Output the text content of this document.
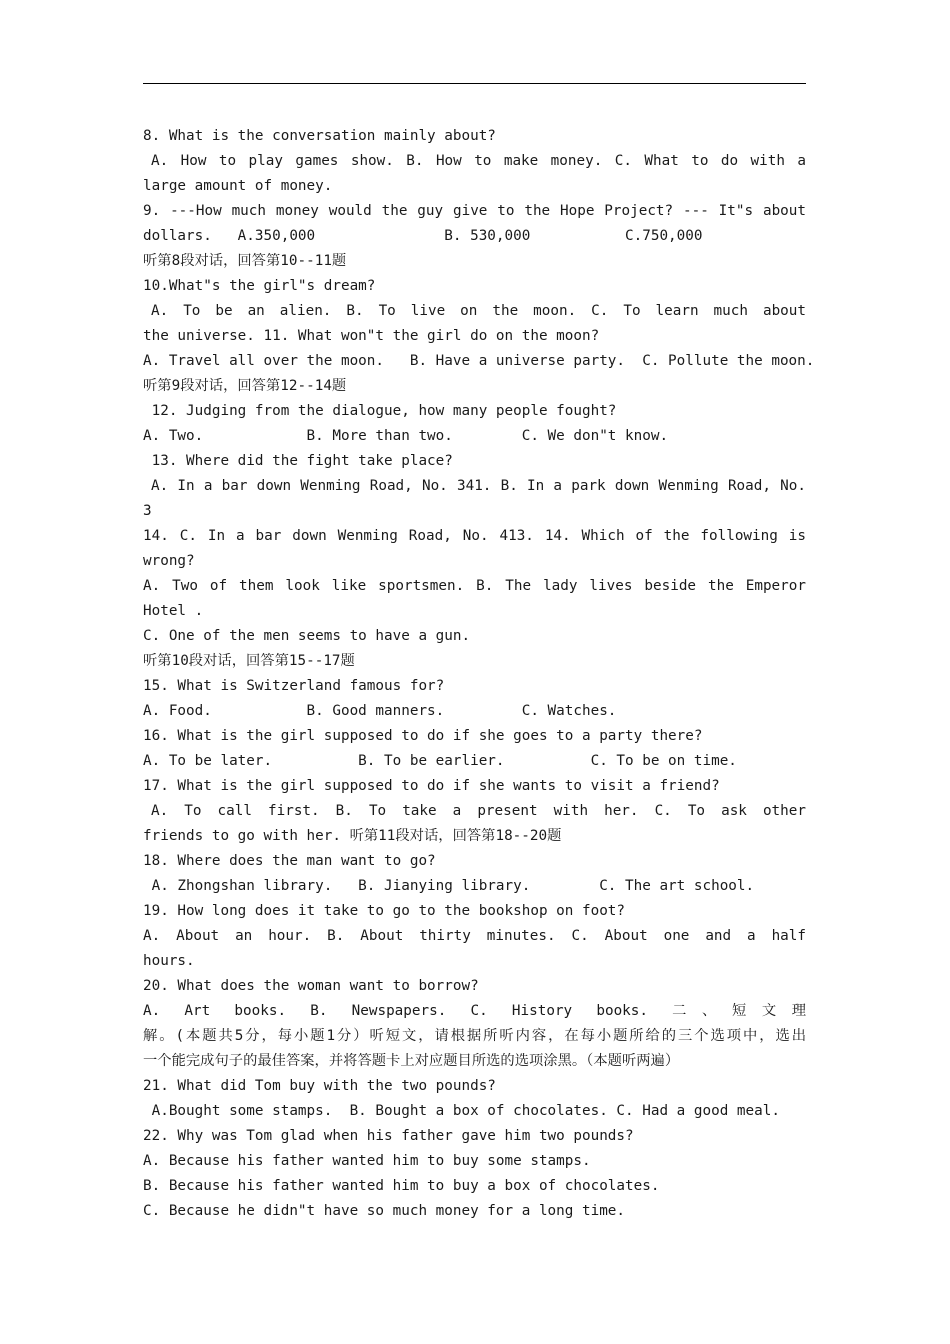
8. What is the conversation mainly about?
A. How to play games show. B. How to make money. C. What to do with a
large amount of money.
9. ---How much money would the guy give to the Hope Project? --- It"s about
dollars.   A.350,000               B. 530,000           C.750,000
听第8段对话，回答第10--11题
10.What"s the girl"s dream?
A. To be an alien. B. To live on the moon. C. To learn much about
the universe. 11. What won"t the girl do on the moon?
A. Travel all over the moon.   B. Have a universe party.  C. Pollute the moon.
听第9段对话，回答第12--14题
12. Judging from the dialogue, how many people fought?
A. Two.            B. More than two.        C. We don"t know.
13. Where did the fight take place?
A. In a bar down Wenming Road, No. 341. B. In a park down Wenming Road, No.
3
14. C. In a bar down Wenming Road, No. 413. 14. Which of the following is
wrong?
A. Two of them look like sportsmen. B. The lady lives beside the Emperor
Hotel .
C. One of the men seems to have a gun.
听第10段对话，回答第15--17题
15. What is Switzerland famous for?
A. Food.           B. Good manners.         C. Watches.
16. What is the girl supposed to do if she goes to a party there?
A. To be later.          B. To be earlier.          C. To be on time.
17. What is the girl supposed to do if she wants to visit a friend?
A. To call first. B. To take a present with her. C. To ask other
friends to go with her. 听第11段对话，回答第18--20题
18. Where does the man want to go?
A. Zhongshan library.   B. Jianying library.        C. The art school.
19. How long does it take to go to the bookshop on foot?
A. About an hour. B. About thirty minutes. C. About one and a half
hours.
20. What does the woman want to borrow?
A. Art books. B. Newspapers. C. History books. 二、短文理
解。(本题共5分，每小题1分）听短文，请根据所听内容，在每小题所给的三个选项中，选出
一个能完成句子的最佳答案，并将答题卡上对应题目所选的选项涂黑。（本题听两遍）
21. What did Tom buy with the two pounds?
A.Bought some stamps.  B. Bought a box of chocolates. C. Had a good meal.
22. Why was Tom glad when his father gave him two pounds?
A. Because his father wanted him to buy some stamps.
B. Because his father wanted him to buy a box of chocolates.
C. Because he didn"t have so much money for a long time.
